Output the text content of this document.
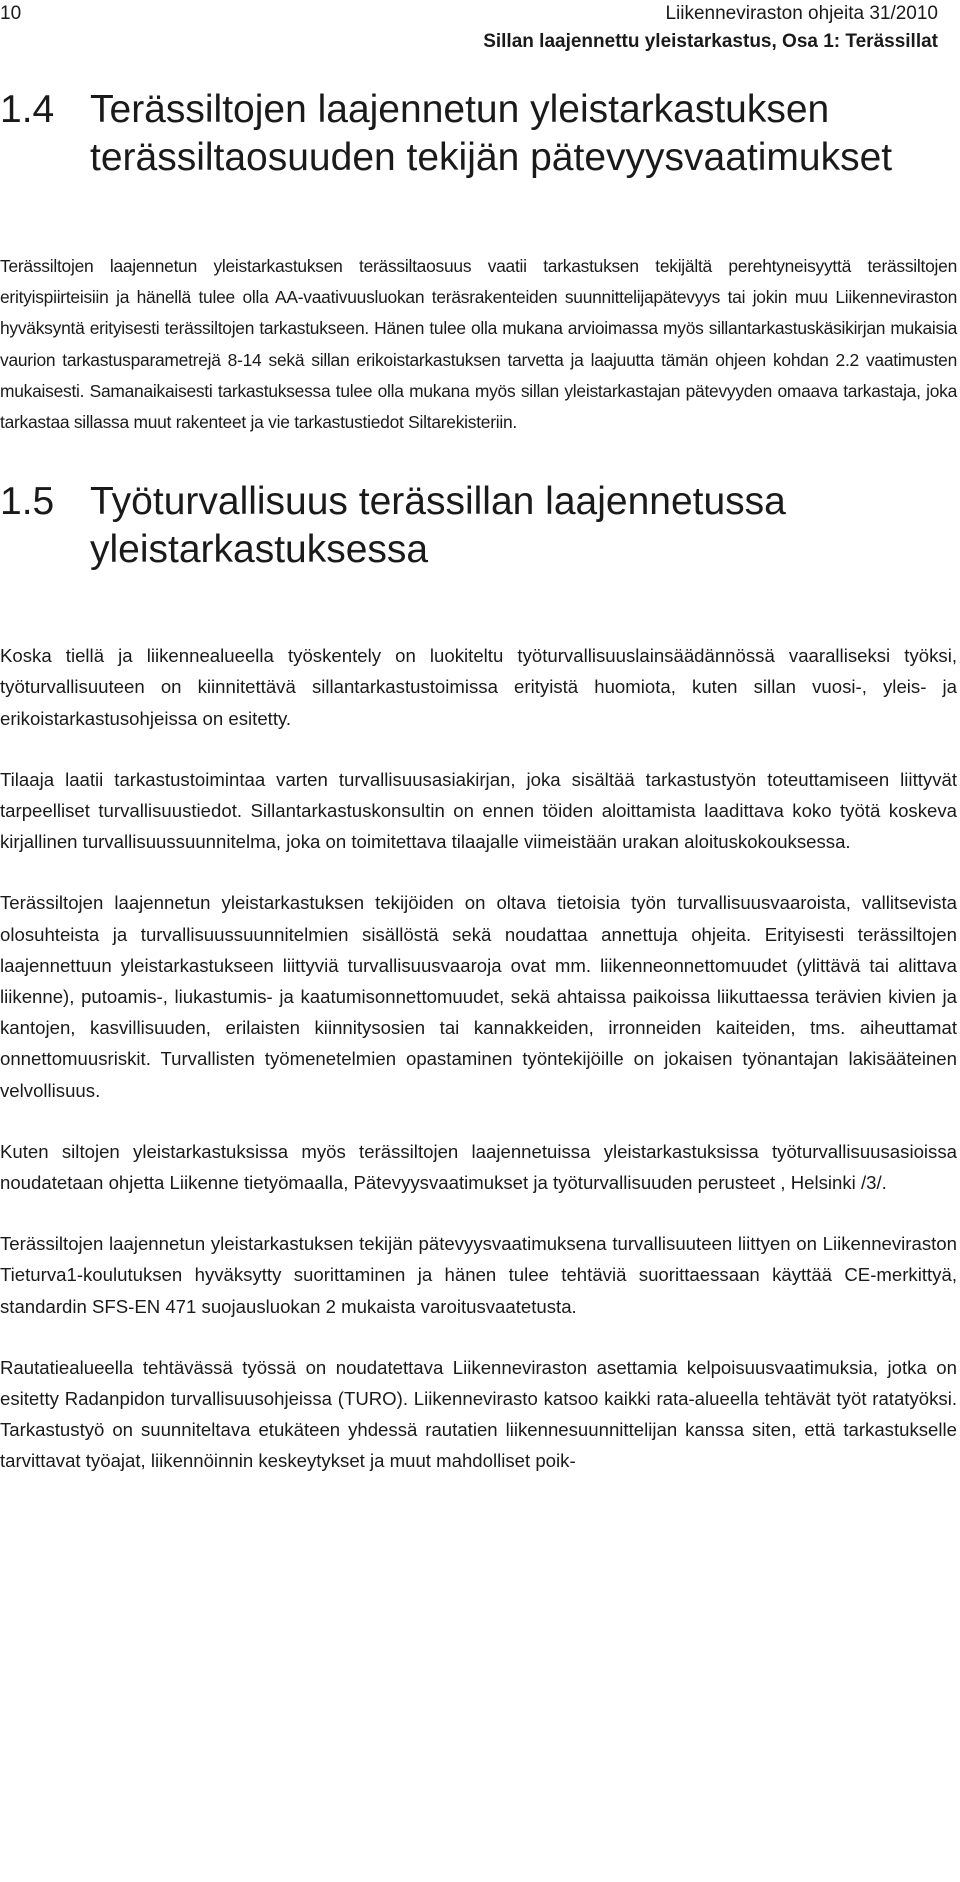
10	Liikenneviraston ohjeita 31/2010
Sillan laajennettu yleistarkastus, Osa 1: Terässillat
1.4 Terässiltojen laajennetun yleistarkastuksen terässiltaosuuden tekijän pätevyysvaatimukset

Terässiltojen laajennetun yleistarkastuksen terässiltaosuus vaatii tarkastuksen tekijältä perehtyneisyyttä terässiltojen erityispiirteisiin ja hänellä tulee olla AA-vaativuusluokan teräsrakenteiden suunnittelijapätevyys tai jokin muu Liikenneviraston hyväksyntä erityisesti terässiltojen tarkastukseen. Hänen tulee olla mukana arvioimassa myös sillantarkastuskäsikirjan mukaisia vaurion tarkastusparametrejä 8-14 sekä sillan erikoistarkastuksen tarvetta ja laajuutta tämän ohjeen kohdan 2.2 vaatimusten mukaisesti. Samanaikaisesti tarkastuksessa tulee olla mukana myös sillan yleistarkastajan pätevyyden omaava tarkastaja, joka tarkastaa sillassa muut rakenteet ja vie tarkastustiedot Siltarekisteriin.

1.5 Työturvallisuus terässillan laajennetussa yleistarkastuksessa

Koska tiellä ja liikennealueella työskentely on luokiteltu työturvallisuuslainsäädännössä vaaralliseksi työksi, työturvallisuuteen on kiinnitettävä sillantarkastustoimissa erityistä huomiota, kuten sillan vuosi-, yleis- ja erikoistarkastusohjeissa on esitetty.

Tilaaja laatii tarkastustoimintaa varten turvallisuusasiakirjan, joka sisältää tarkastustyön toteuttamiseen liittyvät tarpeelliset turvallisuustiedot. Sillantarkastuskonsultin on ennen töiden aloittamista laadittava koko työtä koskeva kirjallinen turvallisuussuunnitelma, joka on toimitettava tilaajalle viimeistään urakan aloituskokouksessa.

Terässiltojen laajennetun yleistarkastuksen tekijöiden on oltava tietoisia työn turvallisuusvaaroista, vallitsevista olosuhteista ja turvallisuussuunnitelmien sisällöstä sekä noudattaa annettuja ohjeita. Erityisesti terässiltojen laajennettuun yleistarkastukseen liittyviä turvallisuusvaaroja ovat mm. liikenneonnettomuudet (ylittävä tai alittava liikenne), putoamis-, liukastumis- ja kaatumisonnettomuudet, sekä ahtaissa paikoissa liikuttaessa terävien kivien ja kantojen, kasvillisuuden, erilaisten kiinnitysosien tai kannakkeiden, irronneiden kaiteiden, tms. aiheuttamat onnettomuusriskit. Turvallisten työmenetelmien opastaminen työntekijöille on jokaisen työnantajan lakisääteinen velvollisuus.

Kuten siltojen yleistarkastuksissa myös terässiltojen laajennetuissa yleistarkastuksissa työturvallisuusasioissa noudatetaan ohjetta Liikenne tietyömaalla, Pätevyysvaatimukset ja työturvallisuuden perusteet , Helsinki /3/.

Terässiltojen laajennetun yleistarkastuksen tekijän pätevyysvaatimuksena turvallisuuteen liittyen on Liikenneviraston Tieturva1-koulutuksen hyväksytty suorittaminen ja hänen tulee tehtäviä suorittaessaan käyttää CE-merkittyä, standardin SFS-EN 471 suojausluokan 2 mukaista varoitusvaatetusta.

Rautatiealueella tehtävässä työssä on noudatettava Liikenneviraston asettamia kelpoisuusvaatimuksia, jotka on esitetty Radanpidon turvallisuusohjeissa (TURO). Liikennevirasto katsoo kaikki rata-alueella tehtävät työt ratatyöksi. Tarkastustyö on suunniteltava etukäteen yhdessä rautatien liikennesuunnittelijan kanssa siten, että tarkastukselle tarvittavat työajat, liikennöinnin keskeytykset ja muut mahdolliset poik-
